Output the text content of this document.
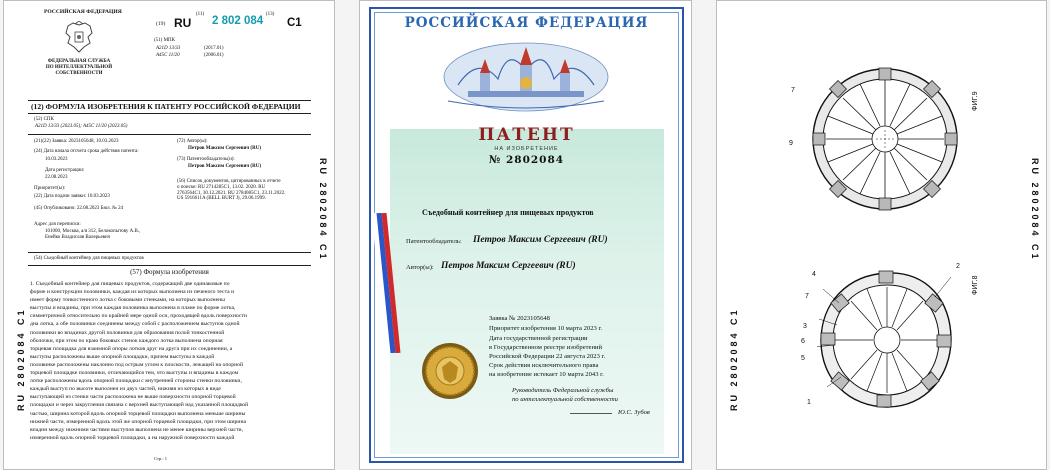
РОССИЙСКАЯ ФЕДЕРАЦИЯ
ФЕДЕРАЛЬНАЯ СЛУЖБА
ПО ИНТЕЛЛЕКТУАЛЬНОЙ СОБСТВЕННОСТИ
(19) RU
(11)
2 802 084
(13)
C1
(51) МПК
A21D 13/33	(2017.01)
A45C 11/20	(2006.01)
(12) ФОРМУЛА ИЗОБРЕТЕНИЯ К ПАТЕНТУ РОССИЙСКОЙ ФЕДЕРАЦИИ
(52) СПК
A21D 13/33 (2023.05); A45C 11/20 (2023.05)
(21)(22) Заявка: 2023105648, 10.03.2023
(24) Дата начала отсчета срока действия патента:
10.03.2023
Дата регистрации:
22.08.2023
Приоритет(ы):
(22) Дата подачи заявки: 10.03.2023
(45) Опубликовано: 22.08.2023 Бюл. № 24
Адрес для переписки:
101000, Москва, а/я 312, Белокопытову А.В.,
Енейко Владислав Валерьевич
(72) Автор(ы):
Петров Максим Сергеевич (RU)
(73) Патентообладатель(и):
Петров Максим Сергеевич (RU)
(56) Список документов, цитированных в отчете
о поиске: RU 2714285C1, 13.02. 2020. RU
2763564C1, 30.12.2021. RU 2784085C1, 23.11.2022.
US 5916611A (BELL BURT J), 29.06.1999.
(54) Съедобный контейнер для пищевых продуктов
(57) Формула изобретения
1. Съедобный контейнер для пищевых продуктов, содержащий две одинаковые по
форме и конструкции половинки, каждая из которых выполнена из печеного теста и
имеет форму тонкостенного лотка с боковыми стенками, на которых выполнены
выступы и впадины, при этом каждая половинка выполнена в плане по форме лотка,
симметричной относительно по крайней мере одной оси, проходящей вдоль поверхности
дна лотка, а обе половинки соединены между собой с расположением выступов одной
половинки во впадинах другой половинки для образования полой тонкостенной
оболочки, при этом по краю боковых стенок каждого лотка выполнена опорная
торцевая площадка для взаимной опоры лотков друг на друга при их соединении, а
выступы расположены выше опорной площадки, причем выступы в каждой
половинке расположены наклонно под острым углом к плоскости, лежащей на опорной
торцевой площадке половинки, отличающийся тем, что выступы и впадины в каждом
лотке расположены вдоль опорной площадки с внутренней стороны стенки половинки,
каждый выступ по высоте выполнен из двух частей, нижняя из которых в виде
выступающей из стенки части расположена не выше поверхности опорной торцевой
площадки и через закругления связана с верхней выступающей над указанной площадкой
частью, ширина которой вдоль опорной торцевой площадки выполнена меньше ширины
нижней части, измеренной вдоль этой же опорной торцевой площадки, при этом ширина
впадин между нижними частями выступов выполнена не менее ширины верхней части,
измеренной вдоль опорной торцевой площадки, а на наружной поверхности каждой
Стр.: 1
RU 2802084 C1
RU 2802084 C1
РОССИЙСКАЯ ФЕДЕРАЦИЯ
ПАТЕНТ
НА ИЗОБРЕТЕНИЕ
№ 2802084
Съедобный контейнер для пищевых продуктов
Патентообладатель: Петров Максим Сергеевич (RU)
Автор(ы): Петров Максим Сергеевич (RU)
Заявка № 2023105648
Приоритет изобретения 10 марта 2023 г.
Дата государственной регистрации
в Государственном реестре изобретений
Российской Федерации 22 августа 2023 г.
Срок действия исключительного права
на изобретение истекает 10 марта 2043 г.
Руководитель Федеральной службы
по интеллектуальной собственности
Ю.С. Зубов
7
9
ФИГ.9
4
2
7
3
6
5
1
ФИГ.8
RU 2802084 C1
RU 2802084 C1
